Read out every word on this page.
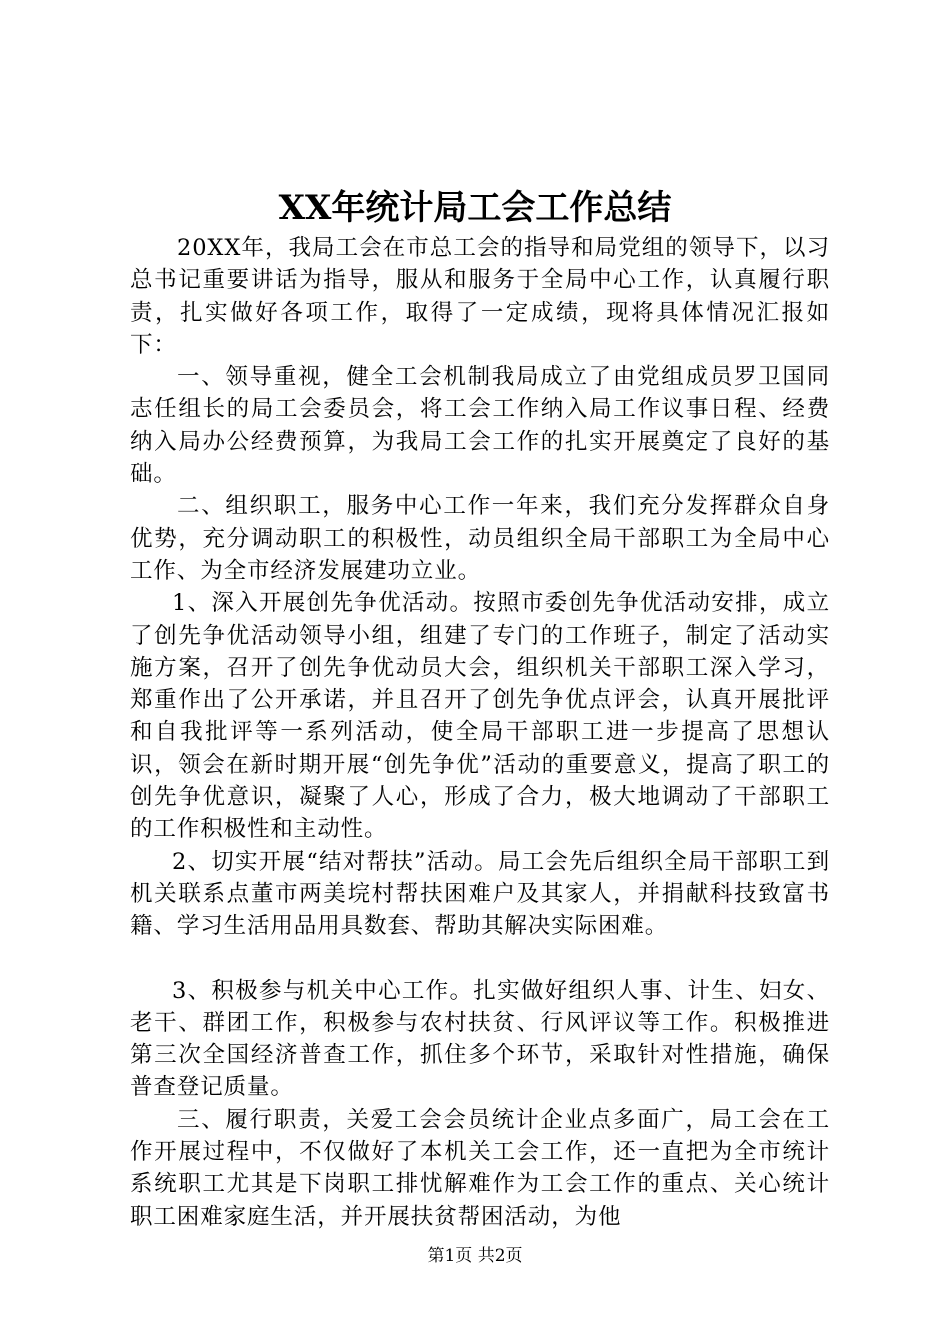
XX年统计局工会工作总结

20XX年，我局工会在市总工会的指导和局党组的领导下，以习总书记重要讲话为指导，服从和服务于全局中心工作，认真履行职责，扎实做好各项工作，取得了一定成绩，现将具体情况汇报如下：

一、领导重视，健全工会机制我局成立了由党组成员罗卫国同志任组长的局工会委员会，将工会工作纳入局工作议事日程、经费纳入局办公经费预算，为我局工会工作的扎实开展奠定了良好的基础。

二、组织职工，服务中心工作一年来，我们充分发挥群众自身优势，充分调动职工的积极性，动员组织全局干部职工为全局中心工作、为全市经济发展建功立业。

1、深入开展创先争优活动。按照市委创先争优活动安排，成立了创先争优活动领导小组，组建了专门的工作班子，制定了活动实施方案，召开了创先争优动员大会，组织机关干部职工深入学习，郑重作出了公开承诺，并且召开了创先争优点评会，认真开展批评和自我批评等一系列活动，使全局干部职工进一步提高了思想认识，领会在新时期开展“创先争优”活动的重要意义，提高了职工的创先争优意识，凝聚了人心，形成了合力，极大地调动了干部职工的工作积极性和主动性。

2、切实开展“结对帮扶”活动。局工会先后组织全局干部职工到机关联系点董市两美垸村帮扶困难户及其家人，并捐献科技致富书籍、学习生活用品用具数套、帮助其解决实际困难。

3、积极参与机关中心工作。扎实做好组织人事、计生、妇女、老干、群团工作，积极参与农村扶贫、行风评议等工作。积极推进第三次全国经济普查工作，抓住多个环节，采取针对性措施，确保普查登记质量。

三、履行职责，关爱工会会员统计企业点多面广，局工会在工作开展过程中，不仅做好了本机关工会工作，还一直把为全市统计系统职工尤其是下岗职工排忧解难作为工会工作的重点、关心统计职工困难家庭生活，并开展扶贫帮困活动，为他

第1页 共2页
